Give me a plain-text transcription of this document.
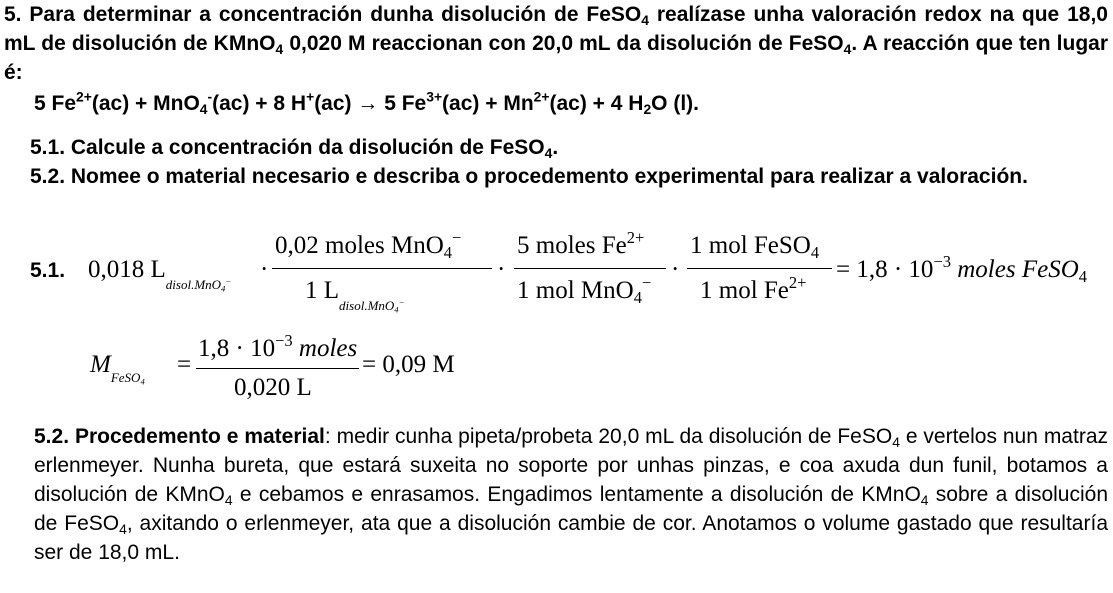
5. Para determinar a concentración dunha disolución de FeSO$_4$ realízase unha valoración redox na que 18,0 mL de disolución de KMnO$_4$ 0,020 M reaccionan con 20,0 mL da disolución de FeSO$_4$. A reacción que ten lugar é:
5 $Fe^{2+}(ac) + MnO_4^-(ac) + 8$ H+(ac) → 5 $Fe^{3+}(ac) + Mn^{2+}(ac) + 4$ $H_2O$ (l).
5.1. Calcule a concentración da disolución de FeSO$_4$.
5.2. Nomee o material necesario e describa o procedemento experimental para realizar a valoración.
5.1. 0,018 $L_{disol.MnO_4^-}$ ·
0,02 moles MnO$_4$−
1 $L_{disol.MnO_4^-}$
·
5 moles $Fe^{2+}$
1 mol MnO$_4$− ·
1 mol FeSO$_4$
1 mol $Fe^{2+} = 1,8 \cdot 10^{-3}$ moles FeSO$_4$
$M_{FeSO_4}$
=
$1,8 \cdot 10^{-3}$ moles
0,020 L
= 0,09 M
5.2. Procedemento e material: medir cunha pipeta/probeta 20,0 mL da disolución de FeSO$_4$ e vertelos nun matraz erlenmeyer. Nunha bureta, que estará suxeita no soporte por unhas pinzas, e coa axuda dun funil, botamos a disolución de KMnO$_4$ e cebamos e enrasamos. Engadimos lentamente a disolución de KMnO$_4$ sobre a disolución de FeSO$_4$, axitando o erlenmeyer, ata que a disolución cambie de cor. Anotamos o volume gastado que resultaría ser de 18,0 mL.
